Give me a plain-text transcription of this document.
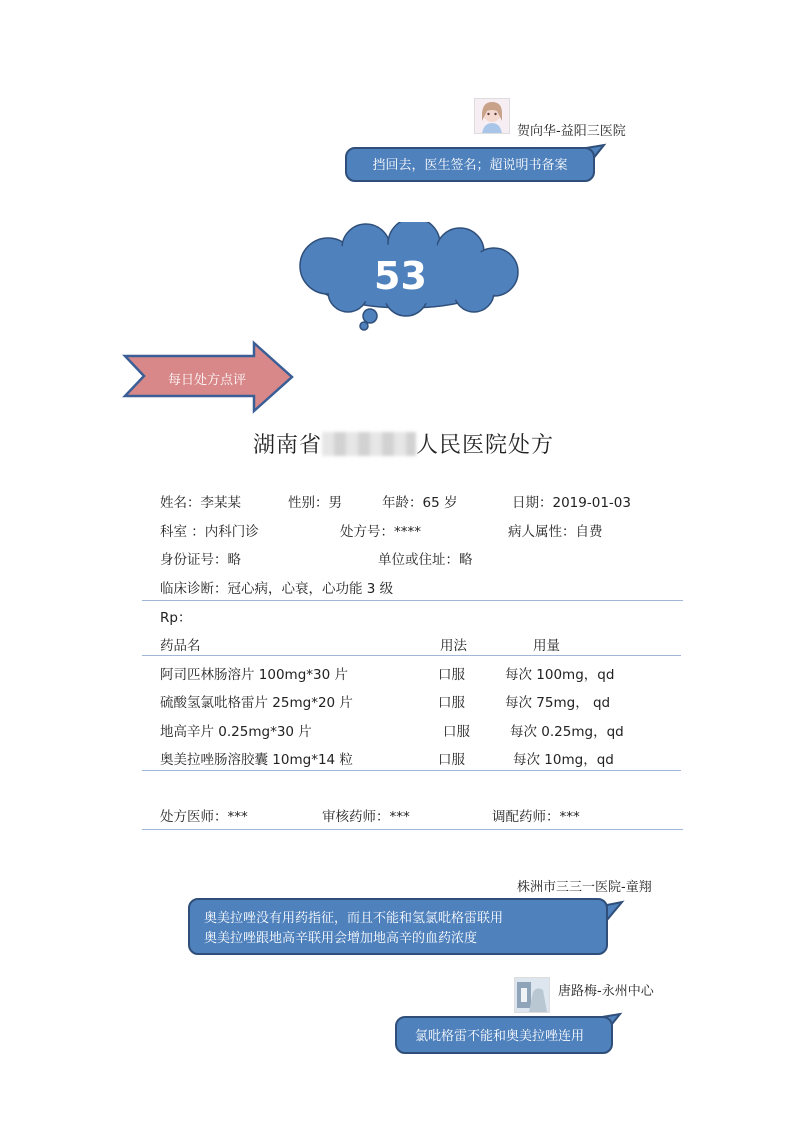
贺向华-益阳三医院
挡回去，医生签名；超说明书备案
53
每日处方点评
湖南省	人民医院处方
姓名：李某某	性别：男	年龄：65 岁	日期：2019-01-03
科室 ：内科门诊	处方号：****	病人属性：自费
身份证号：略	单位或住址：略
临床诊断：冠心病，心衰，心功能 3 级
Rp：
药品名	用法	用量
阿司匹林肠溶片 100mg*30 片	口服	每次 100mg，qd
硫酸氢氯吡格雷片 25mg*20 片	口服	每次 75mg， qd
地高辛片 0.25mg*30 片	口服	每次 0.25mg，qd
奥美拉唑肠溶胶囊 10mg*14 粒	口服	每次 10mg，qd
处方医师：***	审核药师：***	调配药师：***
株洲市三三一医院-童翔
奥美拉唑没有用药指征，而且不能和氢氯吡格雷联用
奥美拉唑跟地高辛联用会增加地高辛的血药浓度
唐路梅-永州中心
氯吡格雷不能和奥美拉唑连用
